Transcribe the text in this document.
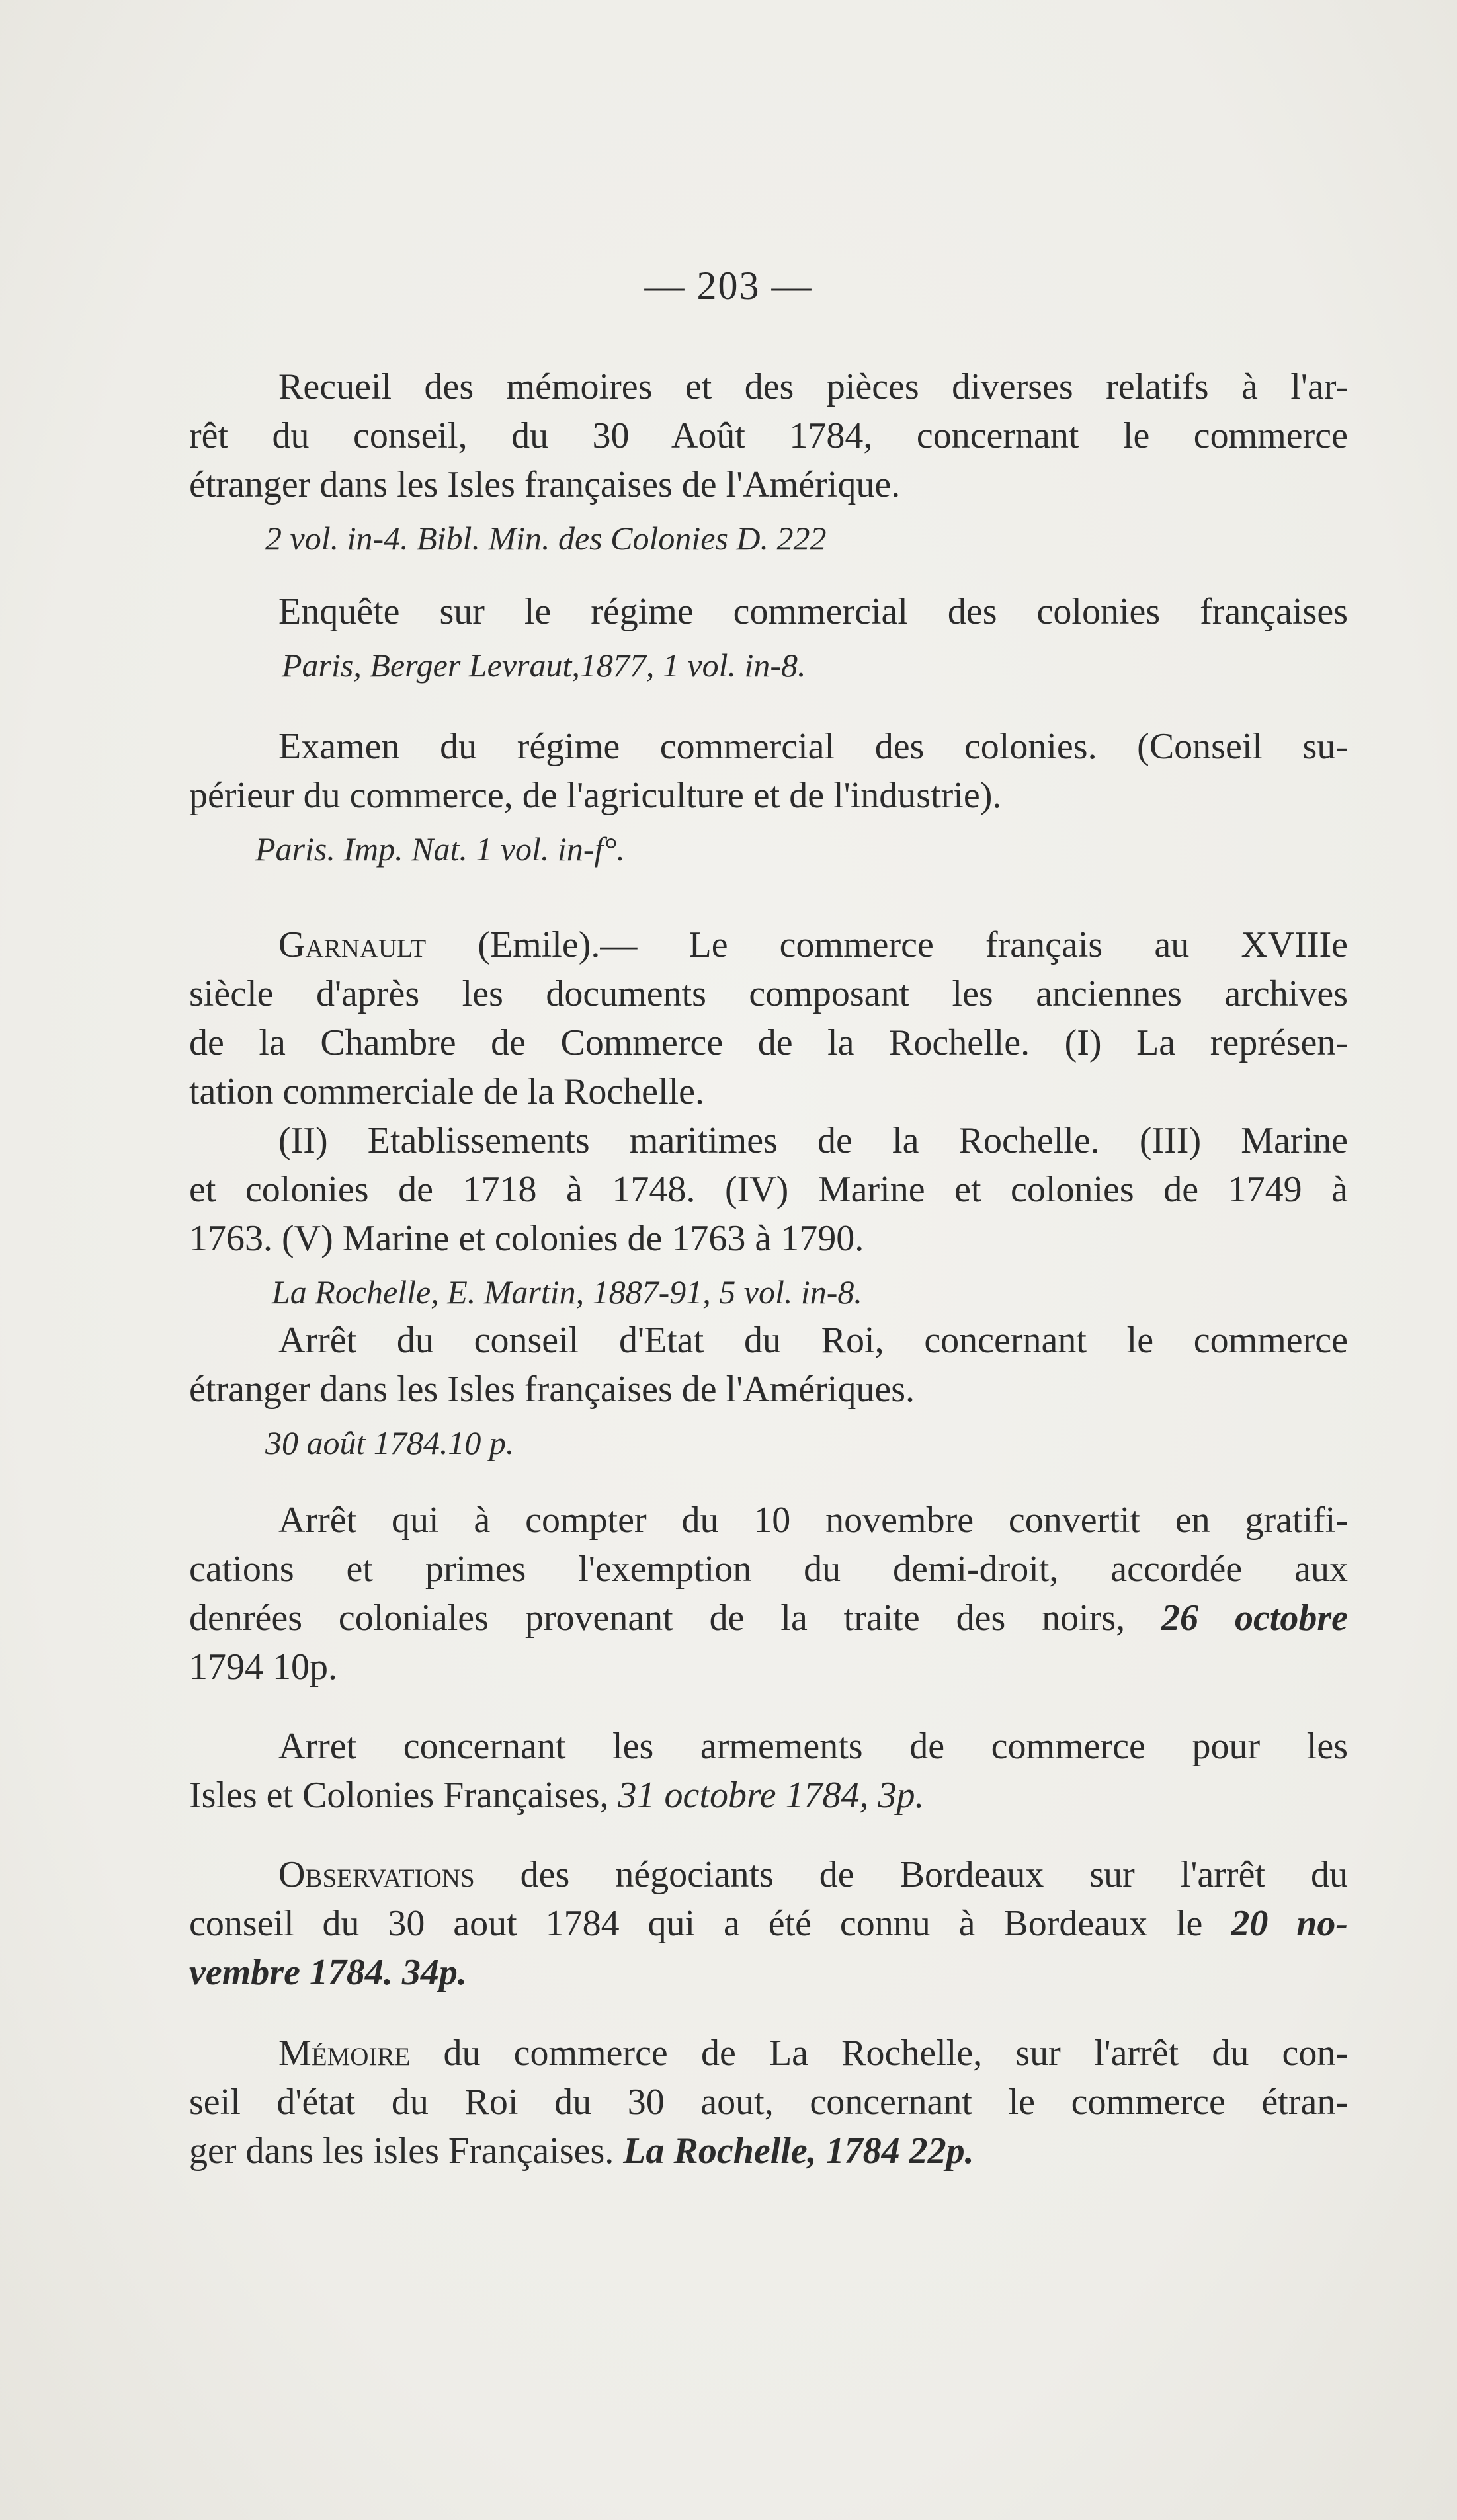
— 203 —
Recueil des mémoires et des pièces diverses relatifs à l'ar-
rêt du conseil, du 30 Août 1784, concernant le commerce
étranger dans les Isles françaises de l'Amérique.
2 vol. in-4. Bibl. Min. des Colonies D. 222
Enquête sur le régime commercial des colonies françaises
Paris, Berger Levraut,1877, 1 vol. in-8.
Examen du régime commercial des colonies. (Conseil su-
périeur du commerce, de l'agriculture et de l'industrie).
Paris. Imp. Nat. 1 vol. in-f°.
Garnault (Emile).— Le commerce français au XVIIIe
siècle d'après les documents composant les anciennes archives
de la Chambre de Commerce de la Rochelle. (I) La représen-
tation commerciale de la Rochelle.
(II) Etablissements maritimes de la Rochelle. (III) Marine
et colonies de 1718 à 1748. (IV) Marine et colonies de 1749 à
1763. (V) Marine et colonies de 1763 à 1790.
La Rochelle, E. Martin, 1887-91, 5 vol. in-8.
Arrêt du conseil d'Etat du Roi, concernant le commerce
étranger dans les Isles françaises de l'Amériques.
30 août 1784.10 p.
Arrêt qui à compter du 10 novembre convertit en gratifi-
cations et primes l'exemption du demi-droit, accordée aux
denrées coloniales provenant de la traite des noirs, 26 octobre
1794 10p.
Arret concernant les armements de commerce pour les
Isles et Colonies Françaises, 31 octobre 1784, 3p.
Observations des négociants de Bordeaux sur l'arrêt du
conseil du 30 aout 1784 qui a été connu à Bordeaux le 20 no-
vembre 1784. 34p.
Mémoire du commerce de La Rochelle, sur l'arrêt du con-
seil d'état du Roi du 30 aout, concernant le commerce étran-
ger dans les isles Françaises. La Rochelle, 1784 22p.
